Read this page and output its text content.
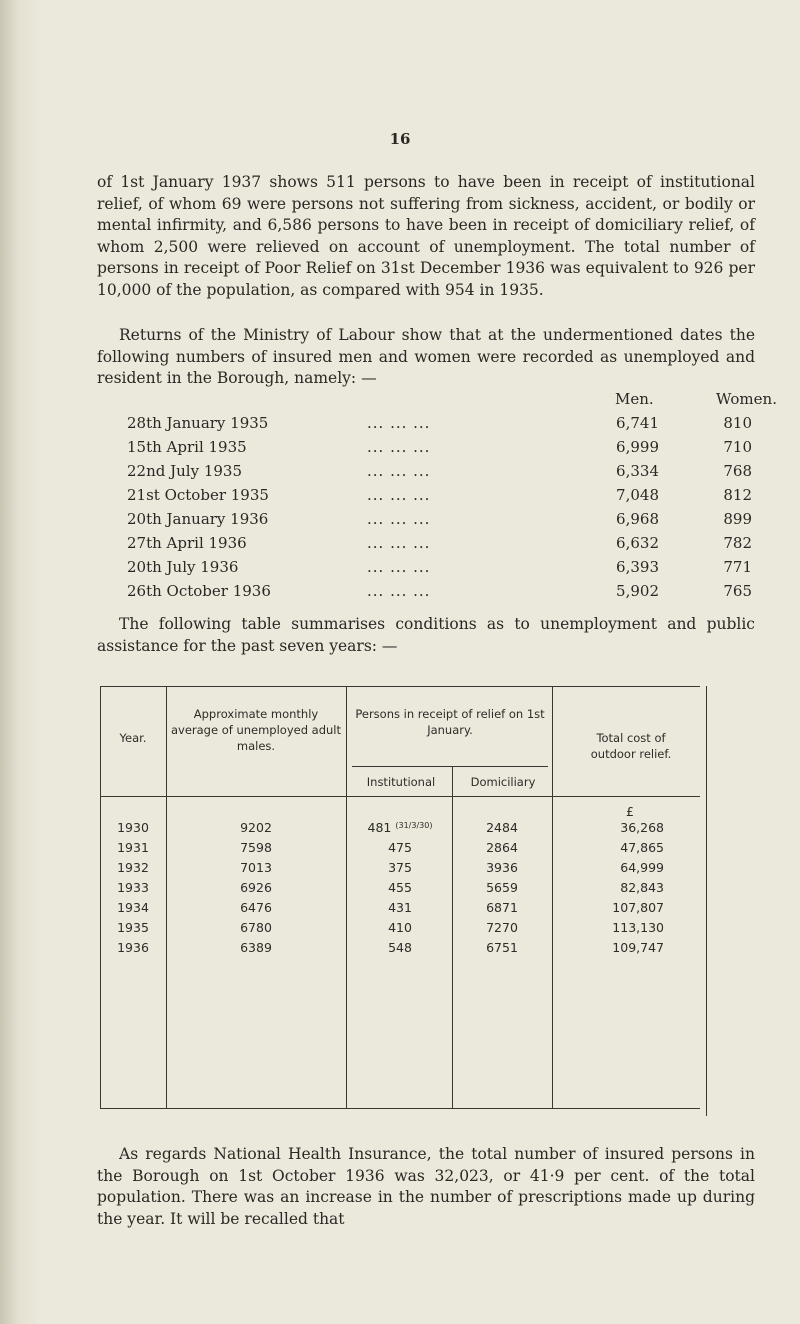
16
of 1st January 1937 shows 511 persons to have been in receipt of institutional relief, of whom 69 were persons not suffering from sickness, accident, or bodily or mental infirmity, and 6,586 persons to have been in receipt of domiciliary relief, of whom 2,500 were relieved on account of unemployment. The total number of persons in receipt of Poor Relief on 31st December 1936 was equivalent to 926 per 10,000 of the population, as compared with 954 in 1935.
Returns of the Ministry of Labour show that at the undermentioned dates the following numbers of insured men and women were recorded as unemployed and resident in the Borough, namely: —
Men.	Women.
28th January 1935	... ... ...	6,741	810
15th April 1935	... ... ...	6,999	710
22nd July 1935	... ... ...	6,334	768
21st October 1935	... ... ...	7,048	812
20th January 1936	... ... ...	6,968	899
27th April 1936	... ... ...	6,632	782
20th July 1936	... ... ...	6,393	771
26th October 1936	... ... ...	5,902	765
The following table summarises conditions as to unemployment and public assistance for the past seven years: —
Year.
Approximate monthly average of unemployed adult males.
Persons in receipt of relief on 1st January.
Institutional	Domiciliary
Total cost of outdoor relief.
£
1930	9202	481 $^{(31/3/30)}$	2484	36,268
1931	7598	475	2864	47,865
1932	7013	375	3936	64,999
1933	6926	455	5659	82,843
1934	6476	431	6871	107,807
1935	6780	410	7270	113,130
1936	6389	548	6751	109,747
As regards National Health Insurance, the total number of insured persons in the Borough on 1st October 1936 was 32,023, or 41·9 per cent. of the total population. There was an increase in the number of prescriptions made up during the year. It will be recalled that
